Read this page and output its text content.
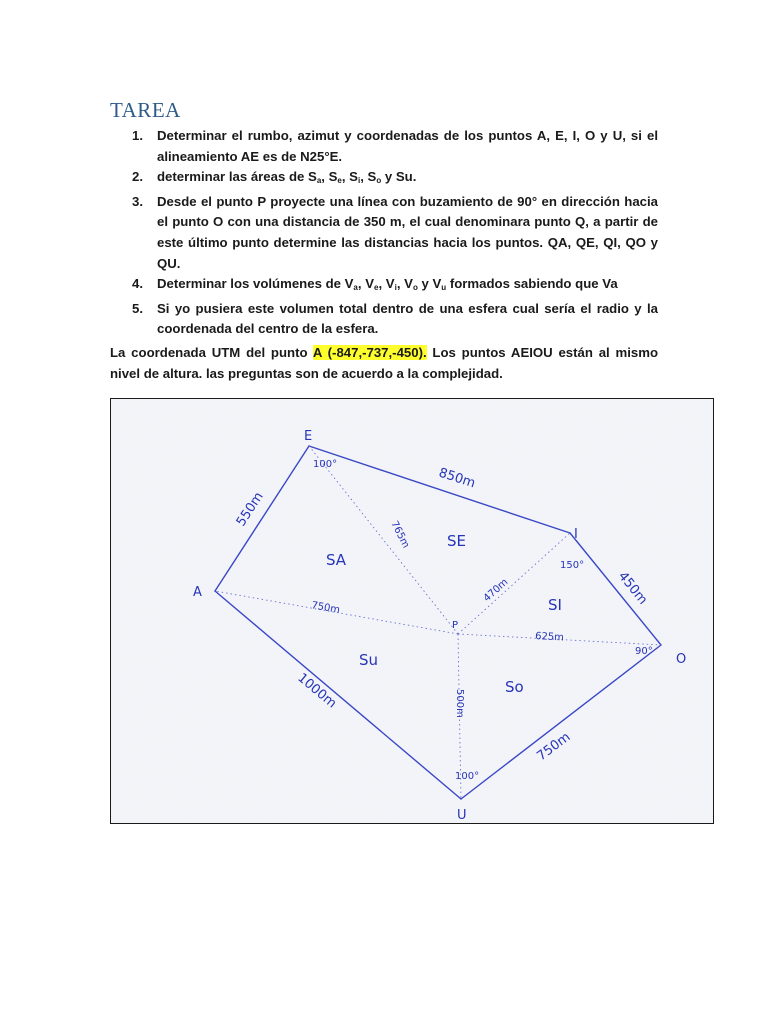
TAREA
1. Determinar el rumbo, azimut y coordenadas de los puntos A, E, I, O y U, si el alineamiento AE es de N25°E.
2. determinar las áreas de $S_a$, $S_e$, $S_i$, $S_o$ y Su.
3. Desde el punto P proyecte una línea con buzamiento de 90° en dirección hacia el punto O con una distancia de 350 m, el cual denominara punto Q, a partir de este último punto determine las distancias hacia los puntos. QA, QE, QI, QO y QU.
4. Determinar los volúmenes de $V_a$, $V_e$, $V_i$, $V_o$ y $V_u$ formados sabiendo que Va
5. Si yo pusiera este volumen total dentro de una esfera cual sería el radio y la coordenada del centro de la esfera.

La coordenada UTM del punto A (-847,-737,-450). Los puntos AEIOU están al mismo nivel de altura. las preguntas son de acuerdo a la complejidad.

E
I
O
A
U
P
100°
150°
90°
100°
550m
850m
450m
750m
1000m
765m
470m
750m
625m
500m
SA
SE
SI
So
Su
